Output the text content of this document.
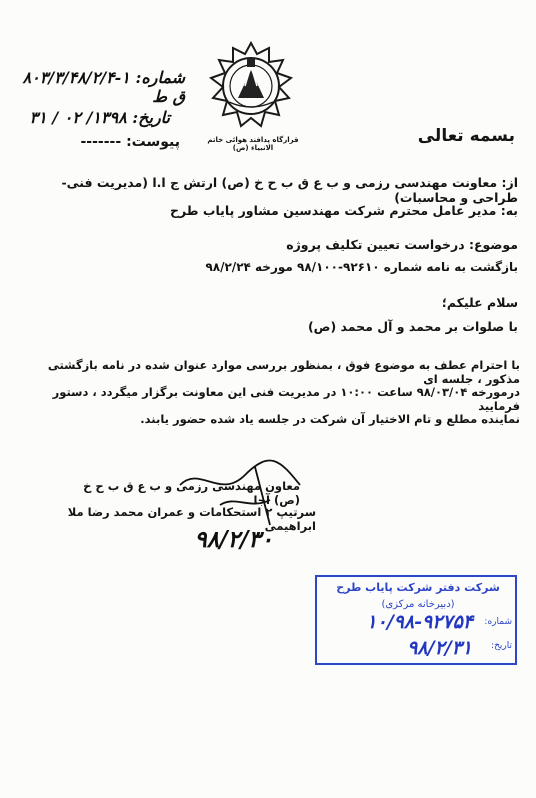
شماره: ۱-۸۰۳/۳/۴۸/۲/۴ ق ط
تاریخ: ۱۳۹۸/ ۰۲ / ۳۱
پیوست: -------	قرارگاه پدافند هوائی خاتم الانبیاء (ص)
بسمه تعالی
از: معاونت مهندسی رزمی و ب ع ق ب ح خ (ص) ارتش ج ا.ا (مدیریت فنی- طراحی و محاسبات)
به: مدیر عامل محترم شرکت مهندسین مشاور پایاب طرح
موضوع: درخواست تعیین تکلیف پروژه
بازگشت به نامه شماره ۹۲۶۱۰-۹۸/۱۰۰ مورخه ۹۸/۲/۲۴
سلام علیکم؛
با صلوات بر محمد و آل محمد (ص)
با احترام عطف به موضوع فوق ، بمنظور بررسی موارد عنوان شده در نامه بازگشتی مذکور ، جلسه ای
درمورخه ۹۸/۰۳/۰۴ ساعت ۱۰:۰۰ در مدیریت فنی این معاونت برگزار میگردد ، دستور فرمایید
نماینده مطلع و تام الاختیار آن شرکت در جلسه یاد شده حضور یابند.
معاون مهندسی رزمی و ب ع ق ب ح خ (ص) آجا
سرتیپ ۲ استحکامات و عمران محمد رضا ملا ابراهیمی
۹۸/۲/۳۰
شرکت دفتر شرکت پایاب طرح
(دبیرخانه مرکزی)
شماره:
۱۰/۹۸-۹۲۷۵۴
تاریخ:
۹۸/۲/۳۱
